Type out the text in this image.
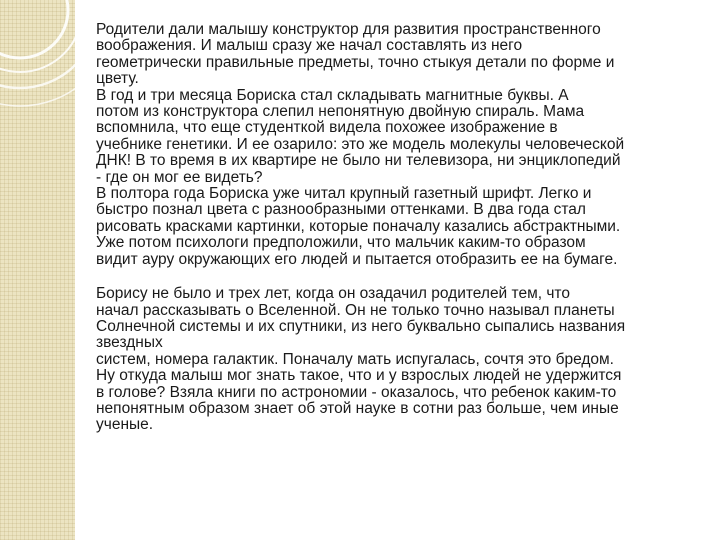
Родители дали малышу конструктор для развития пространственного
воображения. И малыш сразу же начал составлять из него
геометрически правильные предметы, точно стыкуя детали по форме и
цвету.

В год и три месяца Бориска стал складывать магнитные буквы. А
потом из конструктора слепил непонятную двойную спираль. Мама
вспомнила, что еще студенткой видела похожее изображение в
учебнике генетики. И ее озарило: это же модель молекулы человеческой
ДНК! В то время в их квартире не было ни телевизора, ни энциклопедий
- где он мог ее видеть?

В полтора года Бориска уже читал крупный газетный шрифт. Легко и
быстро познал цвета с разнообразными оттенками. В два года стал
рисовать красками картинки, которые поначалу казались абстрактными.
Уже потом психологи предположили, что мальчик каким-то образом
видит ауру окружающих его людей и пытается отобразить ее на бумаге.

Борису не было и трех лет, когда он озадачил родителей тем, что
начал рассказывать о Вселенной. Он не только точно называл планеты
Солнечной системы и их спутники, из него буквально сыпались названия
звездных
систем, номера галактик. Поначалу мать испугалась, сочтя это бредом.
Ну откуда малыш мог знать такое, что и у взрослых людей не удержится
в голове? Взяла книги по астрономии - оказалось, что ребенок каким-то
непонятным образом знает об этой науке в сотни раз больше, чем иные
ученые.
